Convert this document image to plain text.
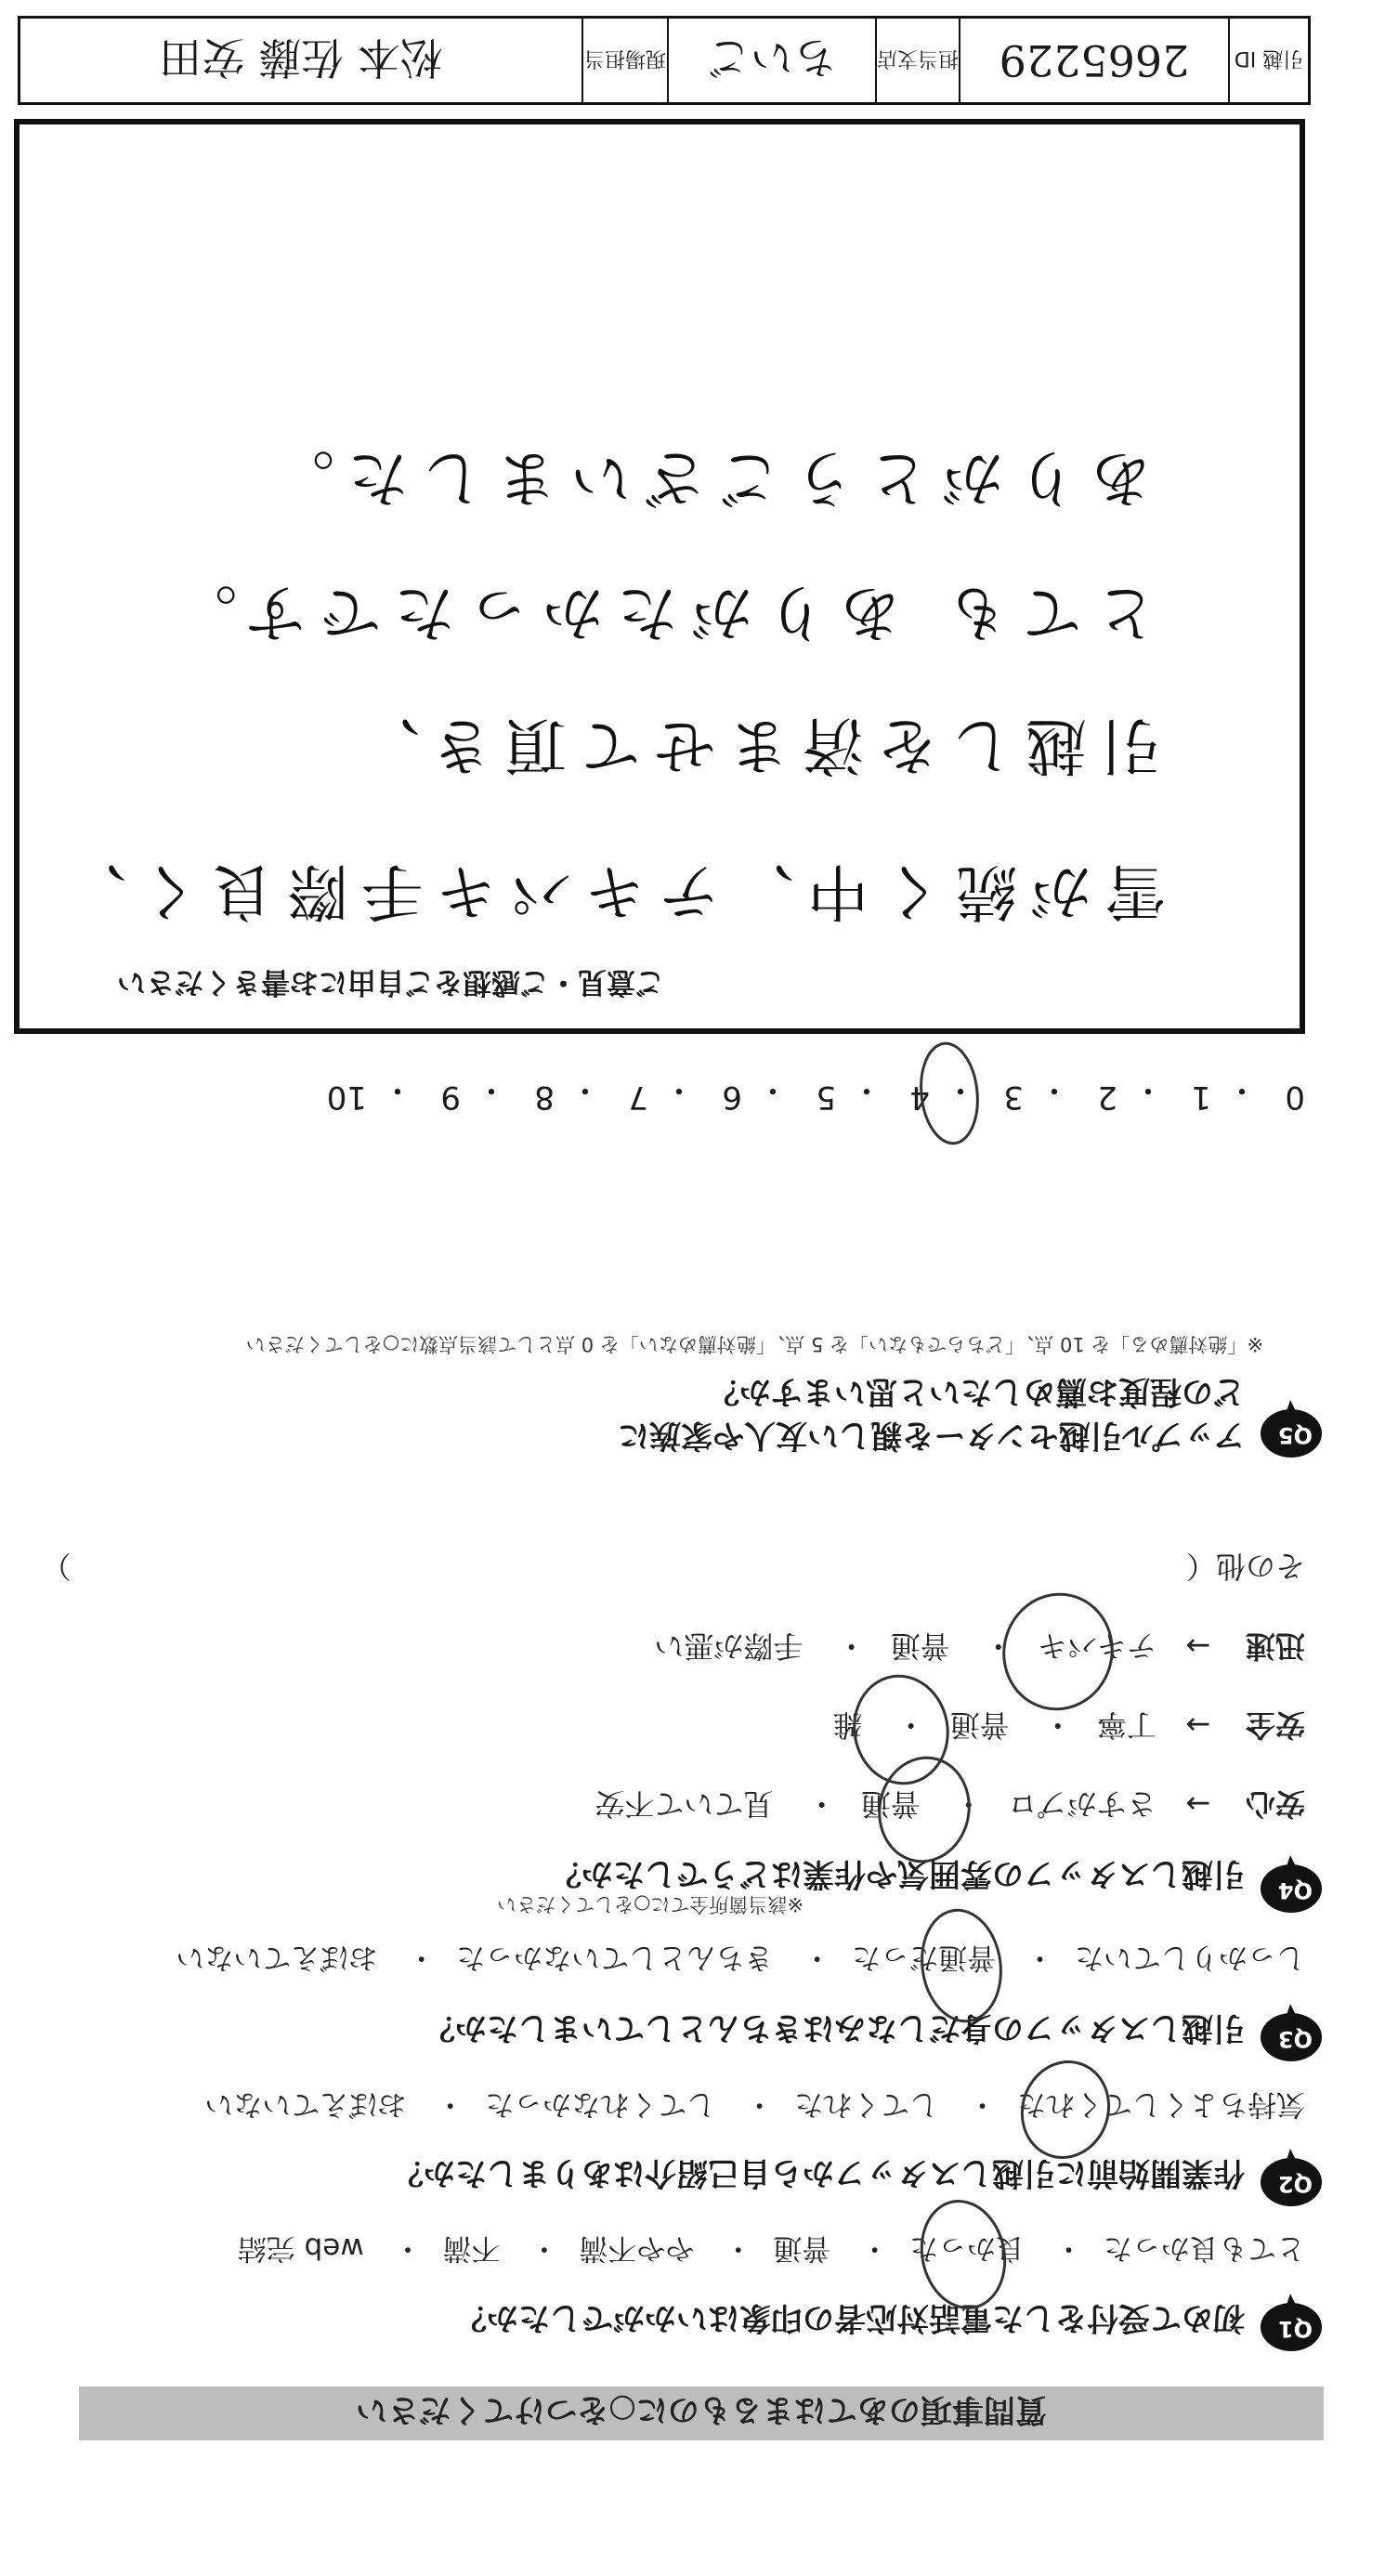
質問事項のあてはまるものに○をつけてください
Q1
初めて受付をした電話対応者の印象はいかがでしたか？
とても良かった・ 良かった・ 普通・ やや不満・ 不満・ web 完結
Q2
作業開始前に引越しスタッフから自己紹介はありましたか？
気持ちよくしてくれた・ してくれた・ してくれなかった・ おぼえていない
Q3
引越しスタッフの身だしなみはきちんとしていましたか？
しっかりしていた・ 普通だった・ きちんとしていなかった・ おぼえていない
Q4
引越しスタッフの雰囲気や作業はどうでしたか？
※該当箇所全てに○をしてください
安心→ さすがプロ・ 普通・ 見ていて不安
安全→ 丁寧・ 普通・ 雑
迅速→ テキパキ・ 普通・ 手際が悪い
その他（  ）
Q5
アップル引越センターを親しい友人や家族に
どの程度お薦めしたいと思いますか？
※「絶対薦める」を 10 点、「どちらでもない」を 5 点、「絶対薦めない」を 0 点として該当点数に○をしてください
10 ・ 9 ・ 8 ・ 7 ・ 6 ・ 5 ・ 4 ・ 3 ・ 2 ・ 1 ・ 0
ご意見・ご感想をご自由にお書きください
雪が続く中、テキパキ手際良く、
引越しを済ませて頂き、
とても ありがたかったです。
ありがとうございました。
引越 ID
2665229
担当支店
ちいご
現場担当
松本 佐藤 安田
